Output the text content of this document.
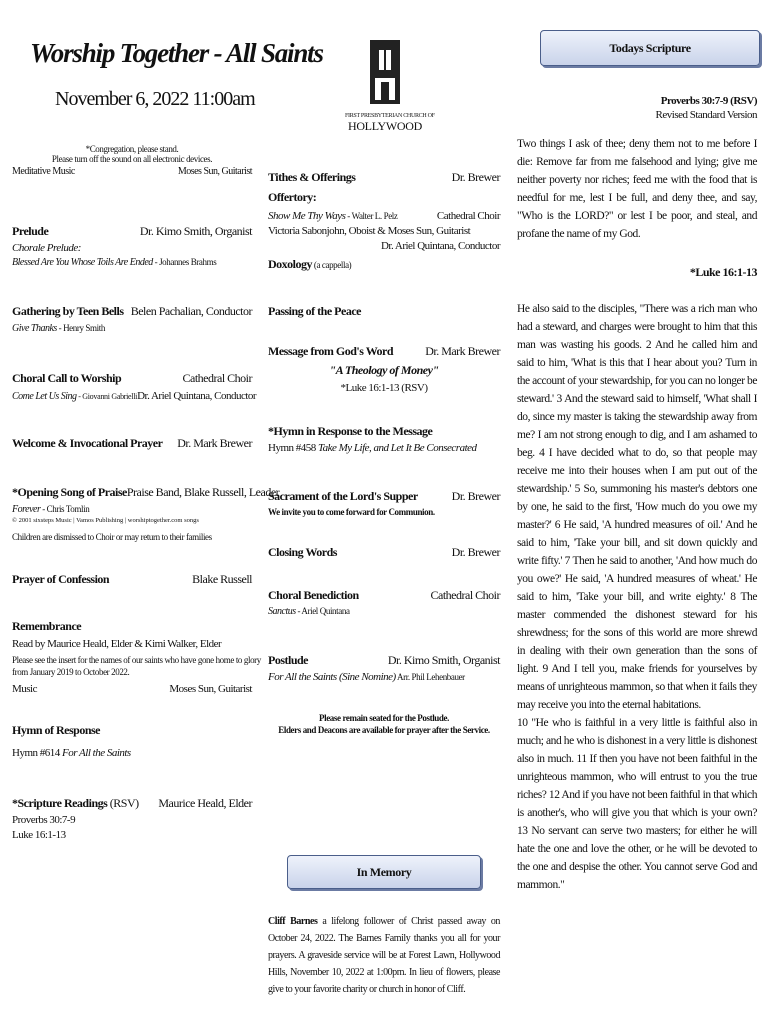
Worship Together - All Saints
November 6, 2022 11:00am
FIRST PRESBYTERIAN CHURCH OF
HOLLYWOOD
*Congregation, please stand.
Please turn off the sound on all electronic devices.
Meditative Music	Moses Sun, Guitarist
Prelude	Dr. Kimo Smith, Organist
Chorale Prelude:
Blessed Are You Whose Toils Are Ended - Johannes Brahms
Gathering by Teen Bells Belen Pachalian, Conductor
Give Thanks - Henry Smith
Choral Call to Worship	Cathedral Choir
Come Let Us Sing - Giovanni Gabrielli Dr. Ariel Quintana, Conductor
Welcome & Invocational Prayer Dr. Mark Brewer
*Opening Song of Praise Praise Band, Blake Russell, Leader
Forever - Chris Tomlin
© 2001 sixsteps Music | Vamos Publishing | worshiptogether.com songs
Children are dismissed to Choir or may return to their families
Prayer of Confession	Blake Russell
Remembrance
Read by Maurice Heald, Elder & Kimi Walker, Elder
Please see the insert for the names of our saints who have gone home to glory
from January 2019 to October 2022.
Music	Moses Sun, Guitarist
Hymn of Response
Hymn #614 For All the Saints
*Scripture Readings (RSV) Maurice Heald, Elder
Proverbs 30:7-9
Luke 16:1-13
Tithes & Offerings	Dr. Brewer
Offertory:
Show Me Thy Ways - Walter L. Pelz	Cathedral Choir
Victoria Sabonjohn, Oboist & Moses Sun, Guitarist
Dr. Ariel Quintana, Conductor
Doxology (a cappella)
Passing of the Peace
Message from God's Word	Dr. Mark Brewer
"A Theology of Money"
*Luke 16:1-13 (RSV)
*Hymn in Response to the Message
Hymn #458 Take My Life, and Let It Be Consecrated
Sacrament of the Lord's Supper	Dr. Brewer
We invite you to come forward for Communion.
Closing Words	Dr. Brewer
Choral Benediction	Cathedral Choir
Sanctus - Ariel Quintana
Postlude	Dr. Kimo Smith, Organist
For All the Saints (Sine Nomine) Arr. Phil Lehenbauer
Please remain seated for the Postlude.
Elders and Deacons are available for prayer after the Service.
In Memory
Cliff Barnes a lifelong follower of Christ passed away on October 24, 2022. The Barnes Family thanks you all for your prayers. A graveside service will be at Forest Lawn, Hollywood Hills, November 10, 2022 at 1:00pm. In lieu of flowers, please give to your favorite charity or church in honor of Cliff.
Todays Scripture
Proverbs 30:7-9 (RSV)
Revised Standard Version
Two things I ask of thee; deny them not to me before I die: Remove far from me falsehood and lying; give me neither poverty nor riches; feed me with the food that is needful for me, lest I be full, and deny thee, and say, "Who is the LORD?" or lest I be poor, and steal, and profane the name of my God.
*Luke 16:1-13
He also said to the disciples, "There was a rich man who had a steward, and charges were brought to him that this man was wasting his goods. 2 And he called him and said to him, 'What is this that I hear about you? Turn in the account of your stewardship, for you can no longer be steward.' 3 And the steward said to himself, 'What shall I do, since my master is taking the stewardship away from me? I am not strong enough to dig, and I am ashamed to beg. 4 I have decided what to do, so that people may receive me into their houses when I am put out of the stewardship.' 5 So, summoning his master's debtors one by one, he said to the first, 'How much do you owe my master?' 6 He said, 'A hundred measures of oil.' And he said to him, 'Take your bill, and sit down quickly and write fifty.' 7 Then he said to another, 'And how much do you owe?' He said, 'A hundred measures of wheat.' He said to him, 'Take your bill, and write eighty.' 8 The master commended the dishonest steward for his shrewdness; for the sons of this world are more shrewd in dealing with their own generation than the sons of light. 9 And I tell you, make friends for yourselves by means of unrighteous mammon, so that when it fails they may receive you into the eternal habitations.
10 "He who is faithful in a very little is faithful also in much; and he who is dishonest in a very little is dishonest also in much. 11 If then you have not been faithful in the unrighteous mammon, who will entrust to you the true riches? 12 And if you have not been faithful in that which is another's, who will give you that which is your own? 13 No servant can serve two masters; for either he will hate the one and love the other, or he will be devoted to the one and despise the other. You cannot serve God and mammon."
